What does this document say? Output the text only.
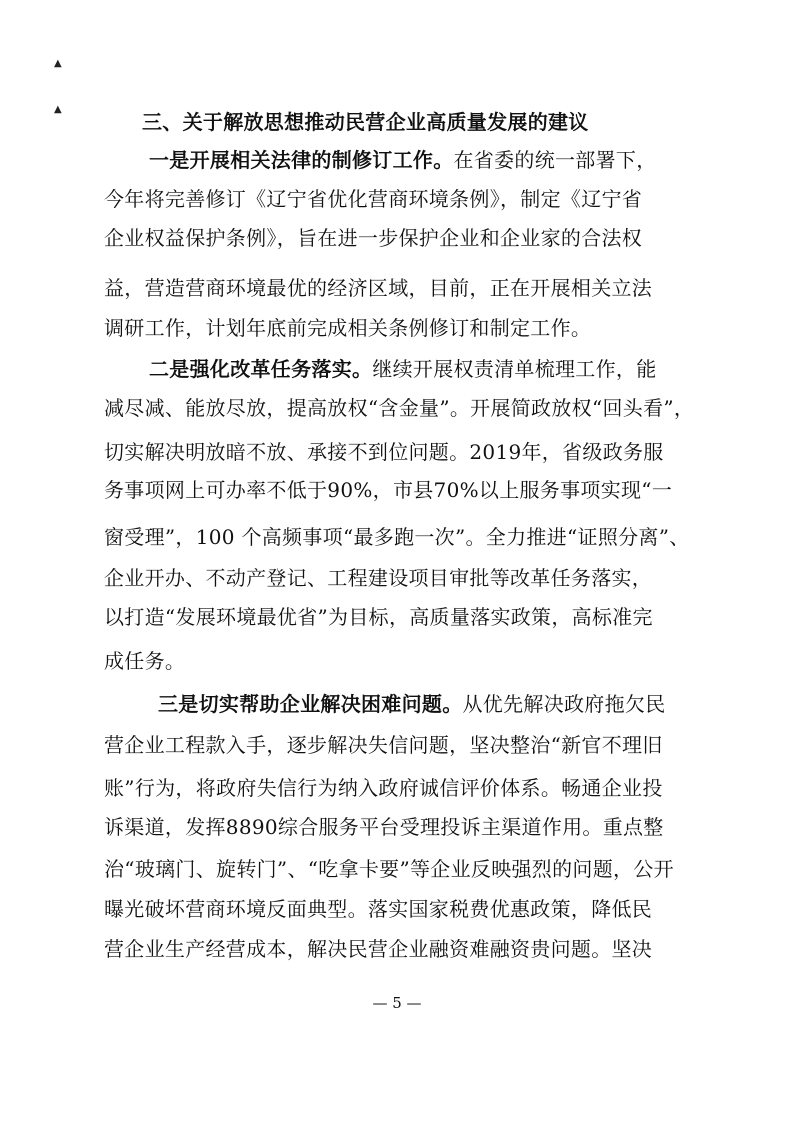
▲
▲
三、关于解放思想推动民营企业高质量发展的建议
一是开展相关法律的制修订工作。在省委的统一部署下，
今年将完善修订《辽宁省优化营商环境条例》，制定《辽宁省
企业权益保护条例》，旨在进一步保护企业和企业家的合法权
益，营造营商环境最优的经济区域，目前，正在开展相关立法
调研工作，计划年底前完成相关条例修订和制定工作。
二是强化改革任务落实。继续开展权责清单梳理工作，能
减尽减、能放尽放，提高放权“含金量”。开展简政放权“回头看”，
切实解决明放暗不放、承接不到位问题。2019年，省级政务服
务事项网上可办率不低于90%，市县70%以上服务事项实现“一
窗受理”，100 个高频事项“最多跑一次”。全力推进“证照分离”、
企业开办、不动产登记、工程建设项目审批等改革任务落实，
以打造“发展环境最优省”为目标，高质量落实政策，高标准完
成任务。
三是切实帮助企业解决困难问题。从优先解决政府拖欠民
营企业工程款入手，逐步解决失信问题，坚决整治“新官不理旧
账”行为，将政府失信行为纳入政府诚信评价体系。畅通企业投
诉渠道，发挥8890综合服务平台受理投诉主渠道作用。重点整
治“玻璃门、旋转门”、“吃拿卡要”等企业反映强烈的问题，公开
曝光破坏营商环境反面典型。落实国家税费优惠政策，降低民
营企业生产经营成本，解决民营企业融资难融资贵问题。坚决
— 5 —
